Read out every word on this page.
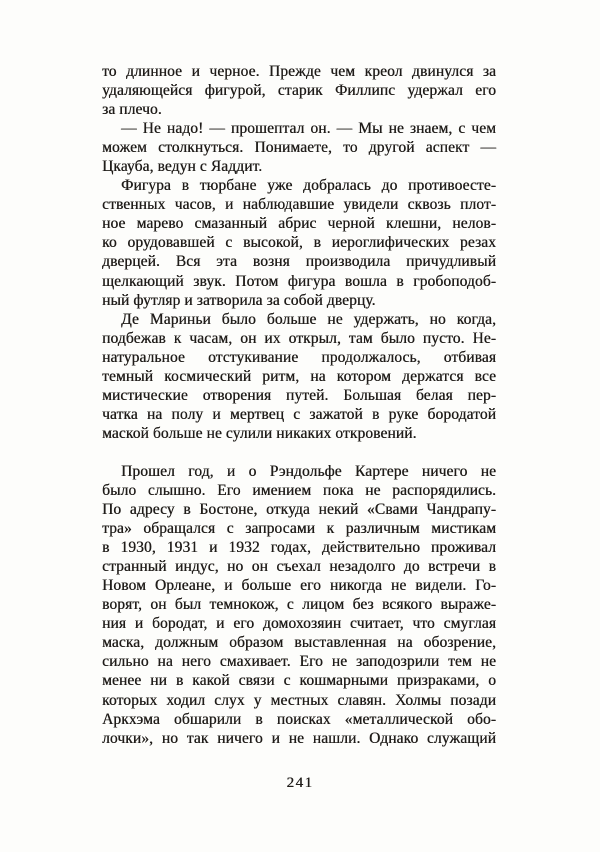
то длинное и черное. Прежде чем креол двинулся за
удаляющейся фигурой, старик Филлипс удержал его
за плечо.
— Не надо! — прошептал он. — Мы не знаем, с чем
можем столкнуться. Понимаете, то другой аспект —
Цкауба, ведун с Яаддит.
Фигура в тюрбане уже добралась до противоесте-
ственных часов, и наблюдавшие увидели сквозь плот-
ное марево смазанный абрис черной клешни, нелов-
ко орудовавшей с высокой, в иероглифических резах
дверцей. Вся эта возня производила причудливый
щелкающий звук. Потом фигура вошла в гробоподоб-
ный футляр и затворила за собой дверцу.
Де Мариньи было больше не удержать, но когда,
подбежав к часам, он их открыл, там было пусто. Не-
натуральное отстукивание продолжалось, отбивая
темный космический ритм, на котором держатся все
мистические отворения путей. Большая белая пер-
чатка на полу и мертвец с зажатой в руке бородатой
маской больше не сулили никаких откровений.
Прошел год, и о Рэндольфе Картере ничего не
было слышно. Его имением пока не распорядились.
По адресу в Бостоне, откуда некий «Свами Чандрапу-
тра» обращался с запросами к различным мистикам
в 1930, 1931 и 1932 годах, действительно проживал
странный индус, но он съехал незадолго до встречи в
Новом Орлеане, и больше его никогда не видели. Го-
ворят, он был темнокож, с лицом без всякого выраже-
ния и бородат, и его домохозяин считает, что смуглая
маска, должным образом выставленная на обозрение,
сильно на него смахивает. Его не заподозрили тем не
менее ни в какой связи с кошмарными призраками, о
которых ходил слух у местных славян. Холмы позади
Аркхэма обшарили в поисках «металлической обо-
лочки», но так ничего и не нашли. Однако служащий
241
